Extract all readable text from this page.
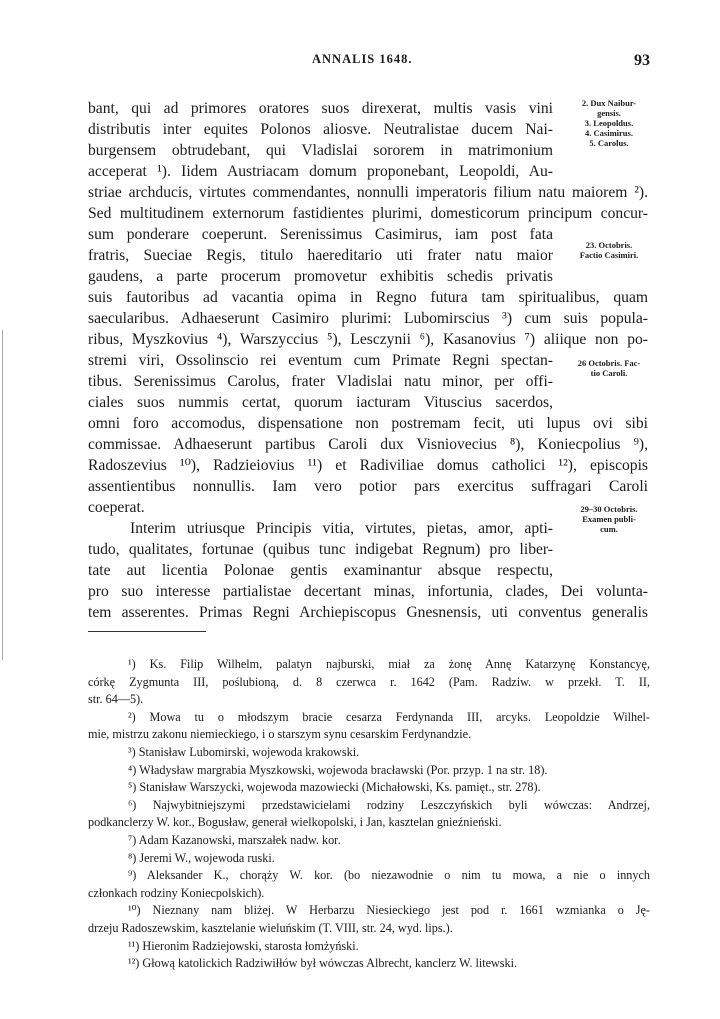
ANNALIS 1648.	93
bant, qui ad primores oratores suos direxerat, multis vasis vini
distributis inter equites Polonos aliosve. Neutralistae ducem Nai-
burgensem obtrudebant, qui Vladislai sororem in matrimonium
acceperat ¹). Iidem Austriacam domum proponebant, Leopoldi, Au-
striae archducis, virtutes commendantes, nonnulli imperatoris filium natu maiorem ²).
Sed multitudinem externorum fastidientes plurimi, domesticorum principum concur-
sum ponderare coeperunt. Serenissimus Casimirus, iam post fata
fratris, Sueciae Regis, titulo haereditario uti frater natu maior
gaudens, a parte procerum promovetur exhibitis schedis privatis
suis fautoribus ad vacantia opima in Regno futura tam spiritualibus, quam
saecularibus. Adhaeserunt Casimiro plurimi: Lubomirscius ³) cum suis popula-
ribus, Myszkovius ⁴), Warszyccius ⁵), Lesczynii ⁶), Kasanovius ⁷) aliique non po-
stremi viri, Ossolinscio rei eventum cum Primate Regni spectan-
tibus. Serenissimus Carolus, frater Vladislai natu minor, per offi-
ciales suos nummis certat, quorum iacturam Vituscius sacerdos,
omni foro accomodus, dispensatione non postremam fecit, uti lupus ovi sibi
commissae. Adhaeserunt partibus Caroli dux Visniovecius ⁸), Koniecpolius ⁹),
Radoszevius ¹⁰), Radzieiovius ¹¹) et Radiviliae domus catholici ¹²), episcopis
assentientibus nonnullis. Iam vero potior pars exercitus suffragari Caroli
coeperat.
Interim utriusque Principis vitia, virtutes, pietas, amor, apti-
tudo, qualitates, fortunae (quibus tunc indigebat Regnum) pro liber-
tate aut licentia Polonae gentis examinantur absque respectu,
pro suo interesse partialistae decertant minas, infortunia, clades, Dei volunta-
tem asserentes. Primas Regni Archiepiscopus Gnesnensis, uti conventus generalis
2. Dux Naibur-
gensis.
3. Leopoldus.
4. Casimirus.
5. Carolus.
23. Octobris.
Factio Casimiri.
26 Octobris. Fac-
tio Caroli.
29–30 Octobris.
Examen publi-
cum.
¹) Ks. Filip Wilhelm, palatyn najburski, miał za żonę Annę Katarzynę Konstancyę,
córkę Zygmunta III, poślubioną, d. 8 czerwca r. 1642 (Pam. Radziw. w przekł. T. II,
str. 64—5).
²) Mowa tu o młodszym bracie cesarza Ferdynanda III, arcyks. Leopoldzie Wilhel-
mie, mistrzu zakonu niemieckiego, i o starszym synu cesarskim Ferdynandzie.
³) Stanisław Lubomirski, wojewoda krakowski.
⁴) Władysław margrabia Myszkowski, wojewoda bracławski (Por. przyp. 1 na str. 18).
⁵) Stanisław Warszycki, wojewoda mazowiecki (Michałowski, Ks. pamięt., str. 278).
⁶) Najwybitniejszymi przedstawicielami rodziny Leszczyńskich byli wówczas: Andrzej,
podkanclerzy W. kor., Bogusław, generał wielkopolski, i Jan, kasztelan gnieźnieński.
⁷) Adam Kazanowski, marszałek nadw. kor.
⁸) Jeremi W., wojewoda ruski.
⁹) Aleksander K., chorąży W. kor. (bo niezawodnie o nim tu mowa, a nie o innych
członkach rodziny Koniecpolskich).
¹⁰) Nieznany nam bliżej. W Herbarzu Niesieckiego jest pod r. 1661 wzmianka o Ję-
drzeju Radoszewskim, kasztelanie wieluńskim (T. VIII, str. 24, wyd. lips.).
¹¹) Hieronim Radziejowski, starosta łomżyński.
¹²) Głową katolickich Radziwiłłów był wówczas Albrecht, kanclerz W. litewski.
